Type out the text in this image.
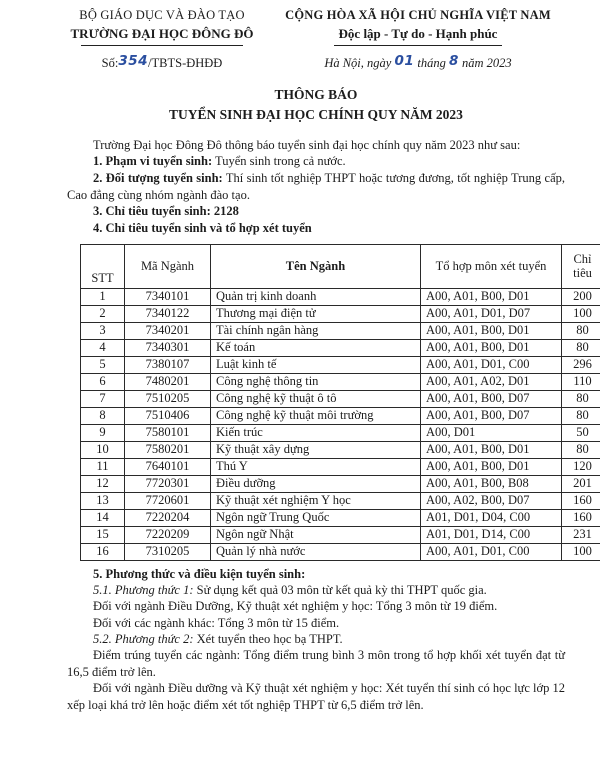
BỘ GIÁO DỤC VÀ ĐÀO TẠO
TRƯỜNG ĐẠI HỌC ĐÔNG ĐÔ
CỘNG HÒA XÃ HỘI CHỦ NGHĨA VIỆT NAM
Độc lập - Tự do - Hạnh phúc
Số:354/TBTS-ĐHĐĐ	Hà Nội, ngày 01 tháng 8 năm 2023
THÔNG BÁO
TUYỂN SINH ĐẠI HỌC CHÍNH QUY NĂM 2023

Trường Đại học Đông Đô thông báo tuyển sinh đại học chính quy năm 2023 như sau:

1. Phạm vi tuyển sinh: Tuyển sinh trong cả nước.

2. Đối tượng tuyển sinh: Thí sinh tốt nghiệp THPT hoặc tương đương, tốt nghiệp Trung cấp, Cao đẳng cùng nhóm ngành đào tạo.

3. Chỉ tiêu tuyển sinh: 2128

4. Chỉ tiêu tuyển sinh và tổ hợp xét tuyển

STT	Mã Ngành	Tên Ngành	Tổ hợp môn xét tuyển	Chỉ tiêu
1	7340101	Quản trị kinh doanh	A00, A01, B00, D01	200
2	7340122	Thương mại điện tử	A00, A01, D01, D07	100
3	7340201	Tài chính ngân hàng	A00, A01, B00, D01	80
4	7340301	Kế toán	A00, A01, B00, D01	80
5	7380107	Luật kinh tế	A00, A01, D01, C00	296
6	7480201	Công nghệ thông tin	A00, A01, A02, D01	110
7	7510205	Công nghệ kỹ thuật ô tô	A00, A01, B00, D07	80
8	7510406	Công nghệ kỹ thuật môi trường	A00, A01, B00, D07	80
9	7580101	Kiến trúc	A00, D01	50
10	7580201	Kỹ thuật xây dựng	A00, A01, B00, D01	80
11	7640101	Thú Y	A00, A01, B00, D01	120
12	7720301	Điều dưỡng	A00, A01, B00, B08	201
13	7720601	Kỹ thuật xét nghiệm Y học	A00, A02, B00, D07	160
14	7220204	Ngôn ngữ Trung Quốc	A01, D01, D04, C00	160
15	7220209	Ngôn ngữ Nhật	A01, D01, D14, C00	231
16	7310205	Quản lý nhà nước	A00, A01, D01, C00	100

5. Phương thức và điều kiện tuyển sinh:

5.1. Phương thức 1: Sử dụng kết quả 03 môn từ kết quả kỳ thi THPT quốc gia.

Đối với ngành Điều Dưỡng, Kỹ thuật xét nghiệm y học: Tổng 3 môn từ 19 điểm.

Đối với các ngành khác: Tổng 3 môn từ 15 điểm.

5.2. Phương thức 2: Xét tuyển theo học bạ THPT.

Điểm trúng tuyển các ngành: Tổng điểm trung bình 3 môn trong tổ hợp khối xét tuyển đạt từ 16,5 điểm trở lên.

Đối với ngành Điều dưỡng và Kỹ thuật xét nghiệm y học: Xét tuyển thí sinh có học lực lớp 12 xếp loại khá trở lên hoặc điểm xét tốt nghiệp THPT từ 6,5 điểm trở lên.
